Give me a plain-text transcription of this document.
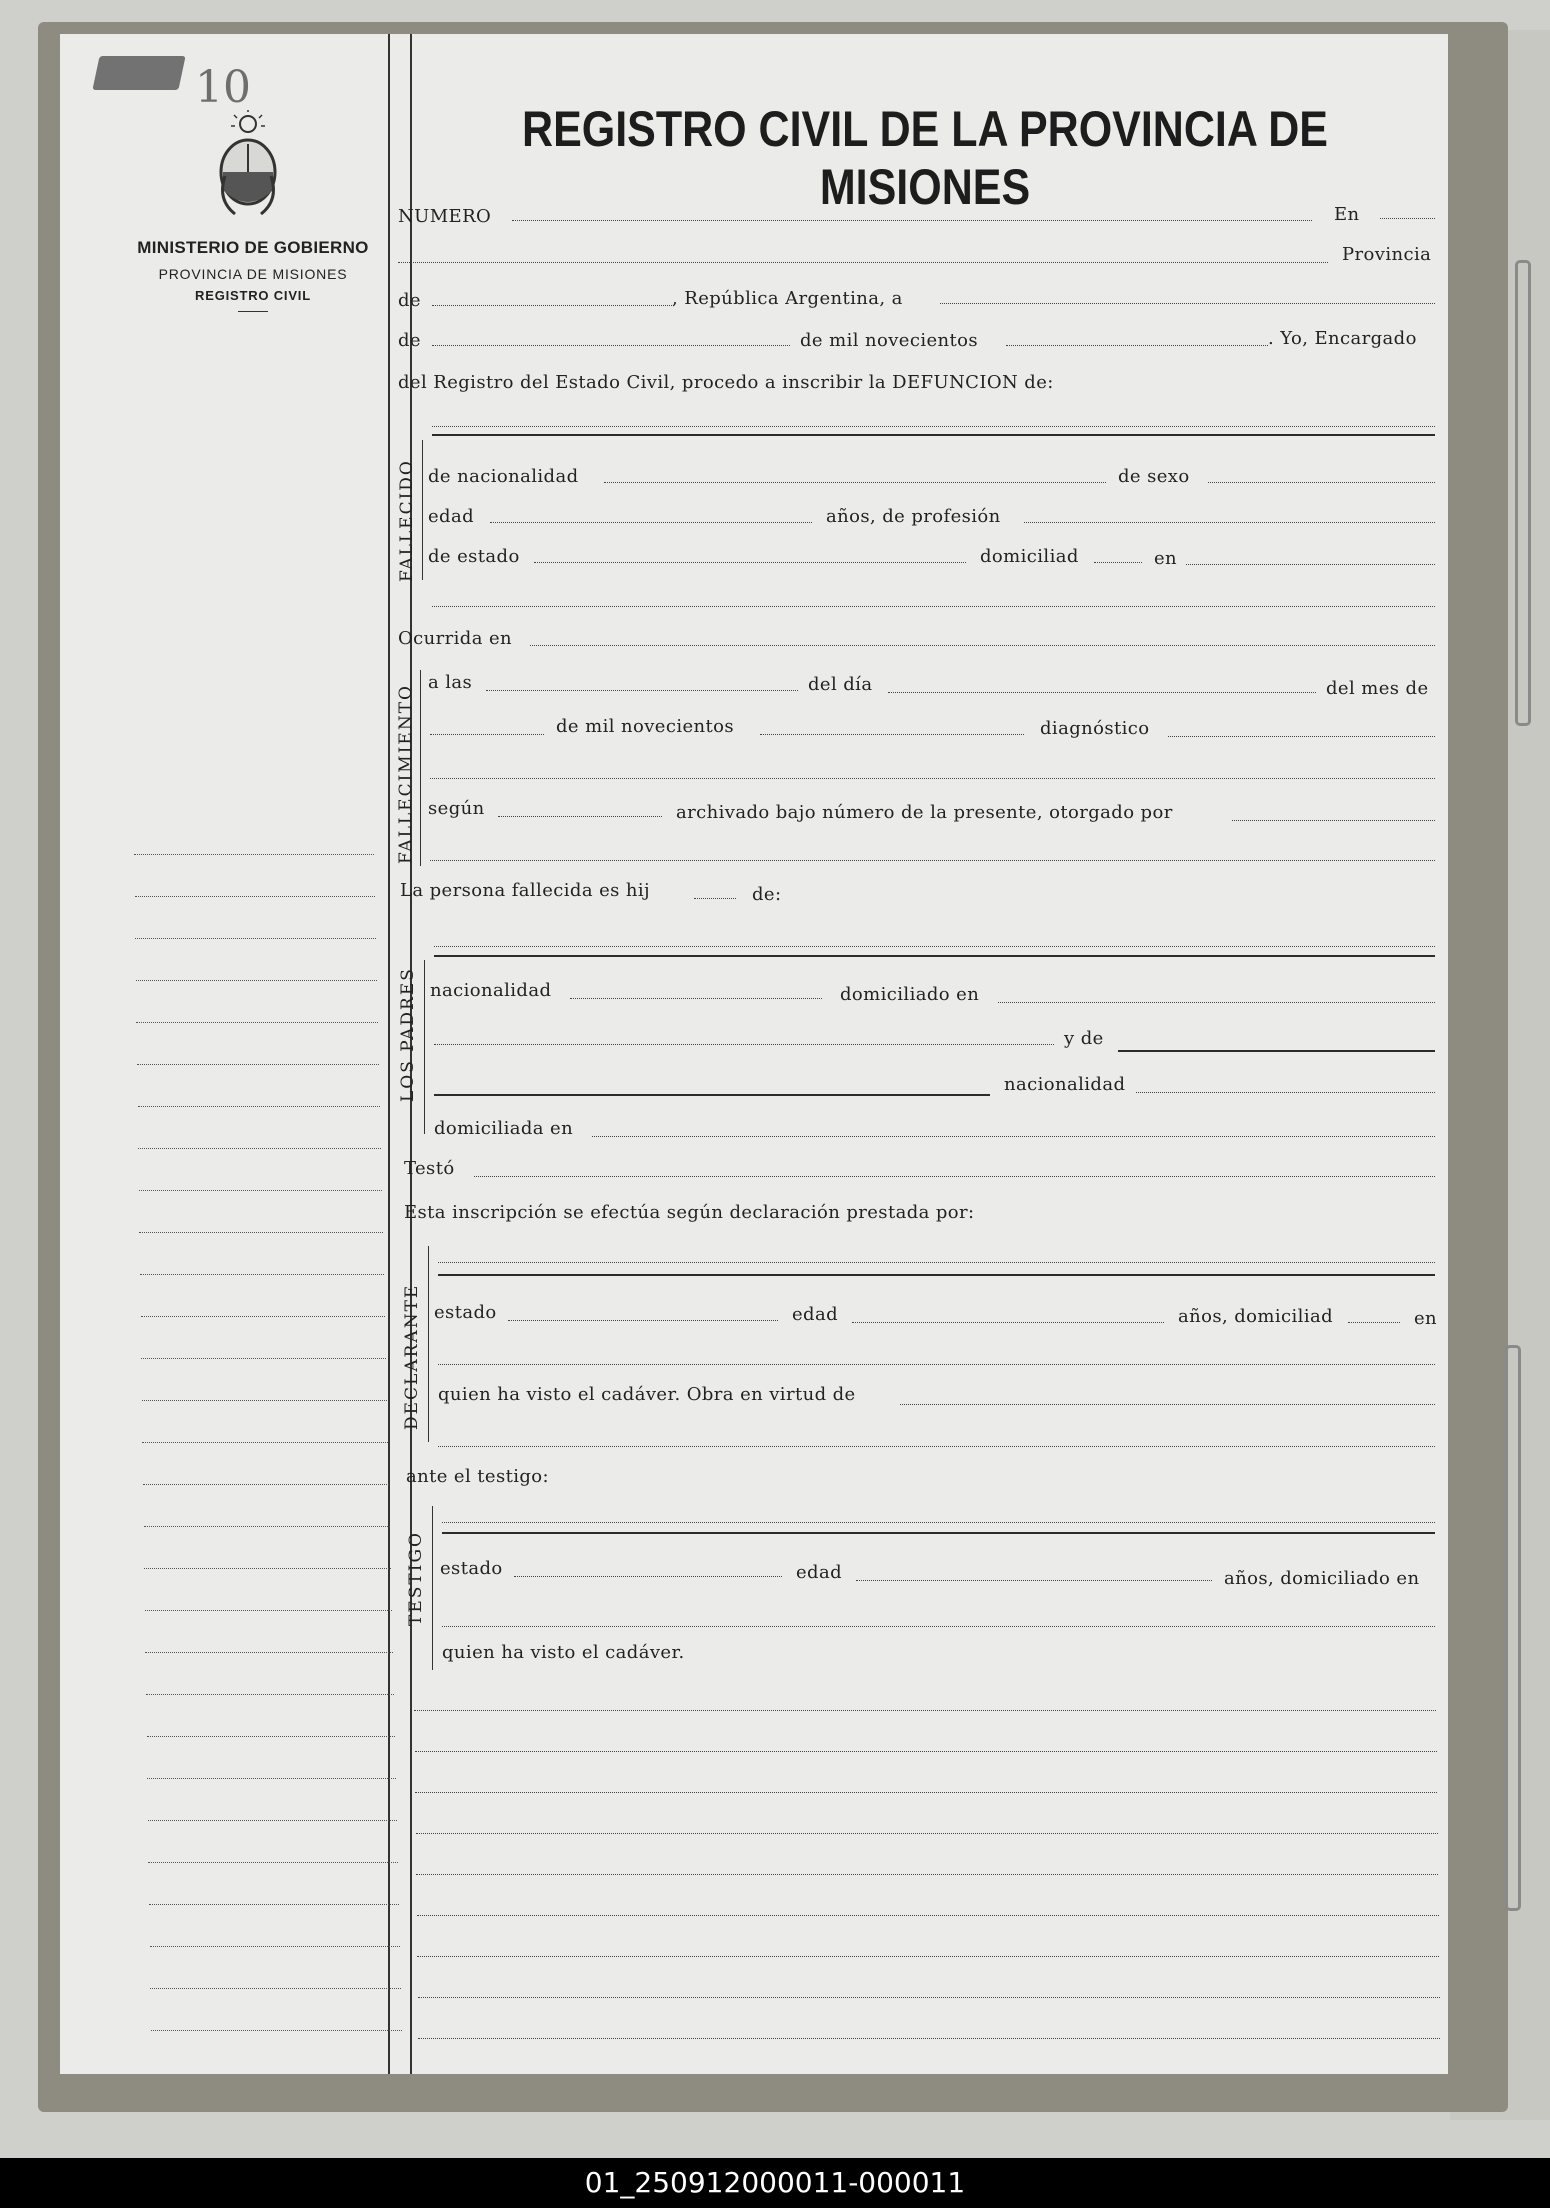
10
MINISTERIO DE GOBIERNO
PROVINCIA DE MISIONES
REGISTRO CIVIL
REGISTRO CIVIL DE LA PROVINCIA DE MISIONES
NUMERO	En
Provincia
de	, República Argentina, a
de	de mil novecientos	. Yo, Encargado
del Registro del Estado Civil, procedo a inscribir la DEFUNCION de:
FALLECIDO de nacionalidad	de sexo
edad	años, de profesión
de estado	domiciliad	en
Ocurrida en
FALLECIMIENTO
a las	del día	del mes de
de mil novecientos	diagnóstico
según	archivado bajo número de la presente, otorgado por
La persona fallecida es hij	de:
LOS PADRES nacionalidad	domiciliado en
y de
nacionalidad
domiciliada en
Testó
Esta inscripción se efectúa según declaración prestada por:
DECLARANTE estado	edad	años, domiciliad	en
quien ha visto el cadáver. Obra en virtud de
ante el testigo:
TESTIGO estado	edad	años, domiciliado en
quien ha visto el cadáver.
01_250912000011-000011
